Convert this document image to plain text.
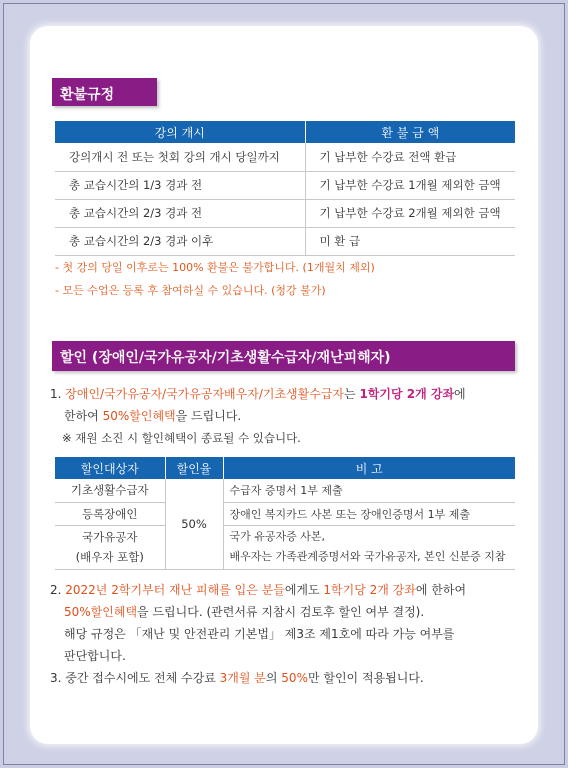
환불규정
강의 개시	환 불 금 액
강의개시 전 또는 첫회 강의 개시 당일까지	기 납부한 수강료 전액 환급
총 교습시간의 1/3 경과 전	기 납부한 수강료 1개월 제외한 금액
총 교습시간의 2/3 경과 전	기 납부한 수강료 2개월 제외한 금액
총 교습시간의 2/3 경과 이후	미 환 급
- 첫 강의 당일 이후로는 100% 환불은 불가합니다. (1개월치 제외)
- 모든 수업은 등록 후 참여하실 수 있습니다. (청강 불가)
할인 (장애인/국가유공자/기초생활수급자/재난피해자)
1. 장애인/국가유공자/국가유공자배우자/기초생활수급자는 1학기당 2개 강좌에
한하여 50%할인혜택을 드립니다.
※ 재원 소진 시 할인혜택이 종료될 수 있습니다.
할인대상자	할인율	비 고
기초생활수급자	50%	수급자 증명서 1부 제출
등록장애인		장애인 복지카드 사본 또는 장애인증명서 1부 제출
국가유공자
(배우자 포함)		국가 유공자증 사본,
배우자는 가족관계증명서와 국가유공자, 본인 신분증 지참
2. 2022년 2학기부터 재난 피해를 입은 분들에게도 1학기당 2개 강좌에 한하여
50%할인혜택을 드립니다. (관련서류 지참시 검토후 할인 여부 결정).
해당 규정은 「재난 및 안전관리 기본법」 제3조 제1호에 따라 가능 여부를
판단합니다.
3. 중간 접수시에도 전체 수강료 3개월 분의 50%만 할인이 적용됩니다.
